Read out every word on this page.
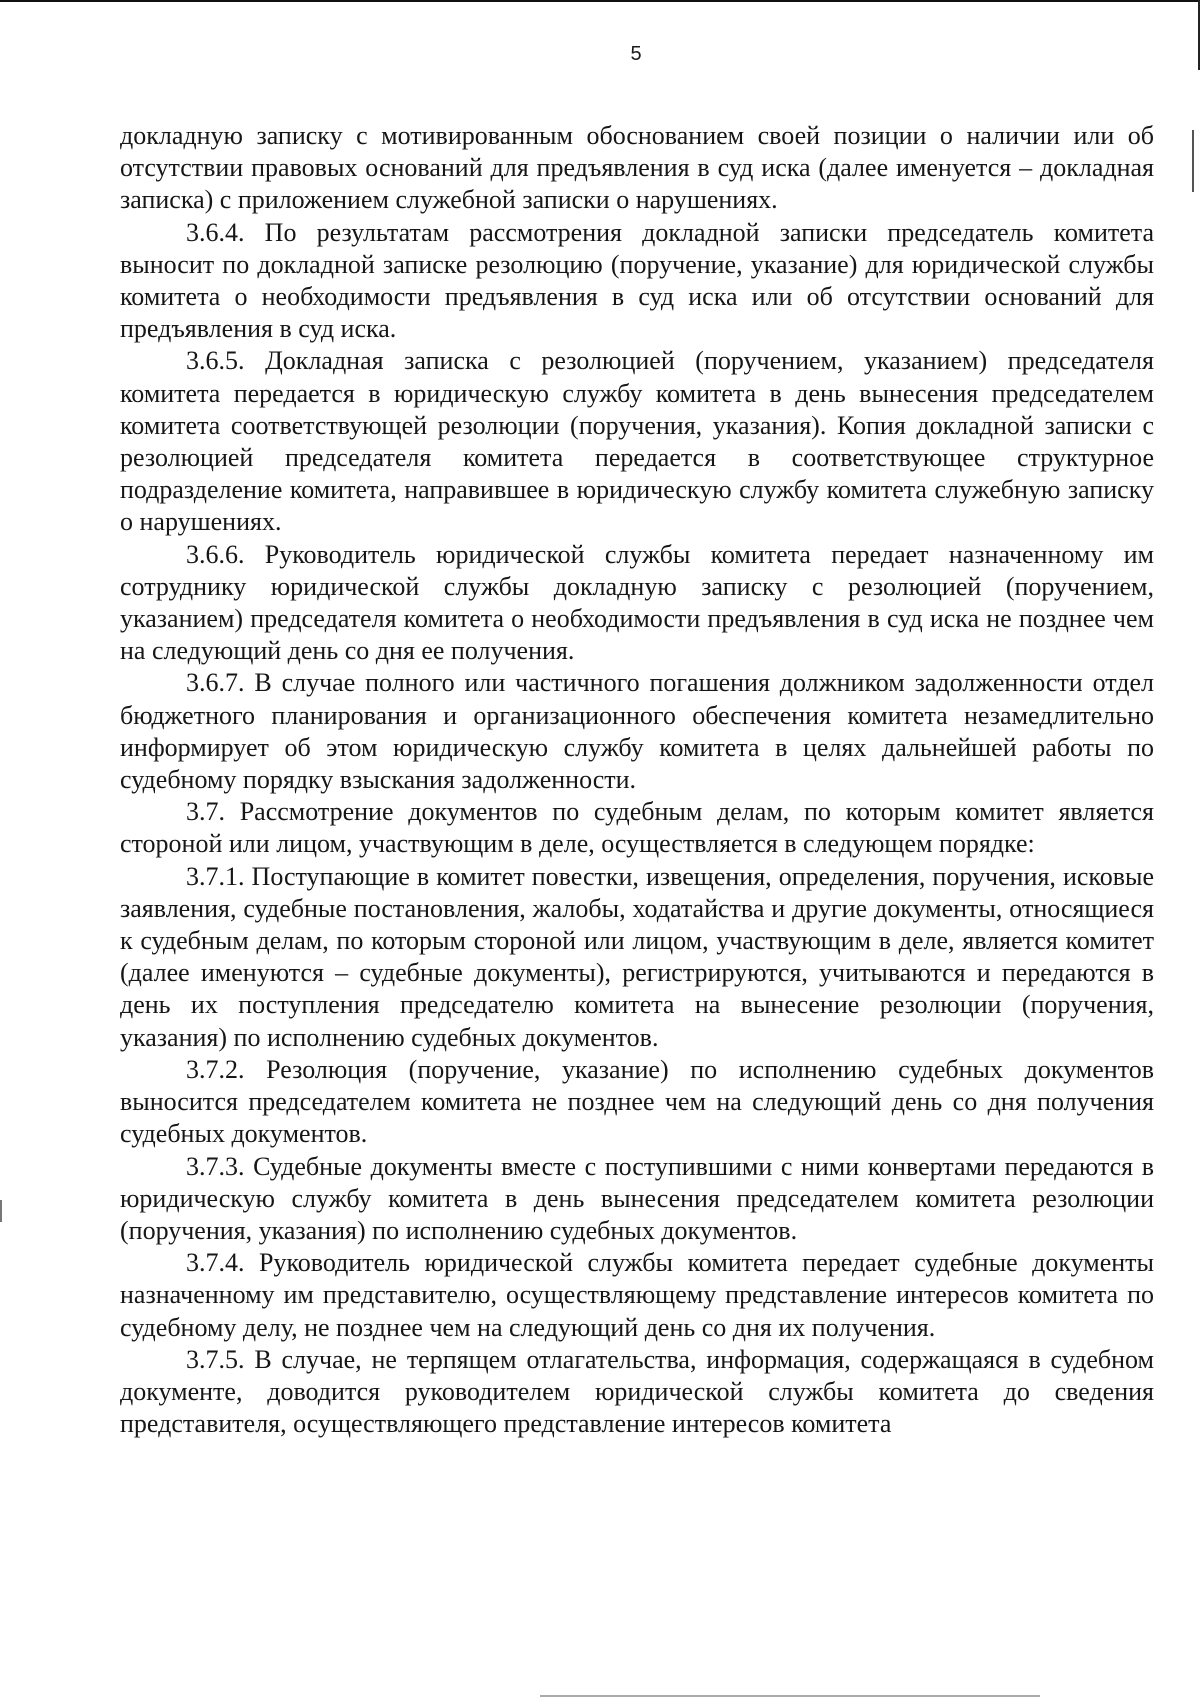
5

докладную записку с мотивированным обоснованием своей позиции о наличии или об отсутствии правовых оснований для предъявления в суд иска (далее именуется – докладная записка) с приложением служебной записки о нарушениях.

3.6.4. По результатам рассмотрения докладной записки председатель комитета выносит по докладной записке резолюцию (поручение, указание) для юридической службы комитета о необходимости предъявления в суд иска или об отсутствии оснований для предъявления в суд иска.

3.6.5. Докладная записка с резолюцией (поручением, указанием) председателя комитета передается в юридическую службу комитета в день вынесения председателем комитета соответствующей резолюции (поручения, указания). Копия докладной записки с резолюцией председателя комитета передается в соответствующее структурное подразделение комитета, направившее в юридическую службу комитета служебную записку о нарушениях.

3.6.6. Руководитель юридической службы комитета передает назначенному им сотруднику юридической службы докладную записку с резолюцией (поручением, указанием) председателя комитета о необходимости предъявления в суд иска не позднее чем на следующий день со дня ее получения.

3.6.7. В случае полного или частичного погашения должником задолженности отдел бюджетного планирования и организационного обеспечения комитета незамедлительно информирует об этом юридическую службу комитета в целях дальнейшей работы по судебному порядку взыскания задолженности.

3.7. Рассмотрение документов по судебным делам, по которым комитет является стороной или лицом, участвующим в деле, осуществляется в следующем порядке:

3.7.1. Поступающие в комитет повестки, извещения, определения, поручения, исковые заявления, судебные постановления, жалобы, ходатайства и другие документы, относящиеся к судебным делам, по которым стороной или лицом, участвующим в деле, является комитет (далее именуются – судебные документы), регистрируются, учитываются и передаются в день их поступления председателю комитета на вынесение резолюции (поручения, указания) по исполнению судебных документов.

3.7.2. Резолюция (поручение, указание) по исполнению судебных документов выносится председателем комитета не позднее чем на следующий день со дня получения судебных документов.

3.7.3. Судебные документы вместе с поступившими с ними конвертами передаются в юридическую службу комитета в день вынесения председателем комитета резолюции (поручения, указания) по исполнению судебных документов.

3.7.4. Руководитель юридической службы комитета передает судебные документы назначенному им представителю, осуществляющему представление интересов комитета по судебному делу, не позднее чем на следующий день со дня их получения.

3.7.5. В случае, не терпящем отлагательства, информация, содержащаяся в судебном документе, доводится руководителем юридической службы комитета до сведения представителя, осуществляющего представление интересов комитета
